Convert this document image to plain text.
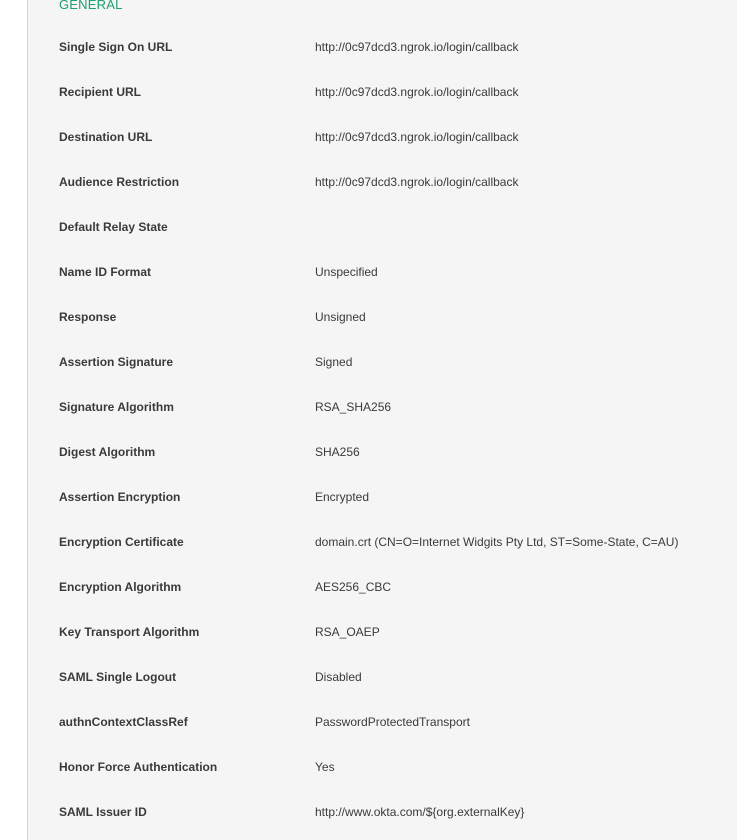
GENERAL
Single Sign On URL	http://0c97dcd3.ngrok.io/login/callback
Recipient URL	http://0c97dcd3.ngrok.io/login/callback
Destination URL	http://0c97dcd3.ngrok.io/login/callback
Audience Restriction	http://0c97dcd3.ngrok.io/login/callback
Default Relay State
Name ID Format	Unspecified
Response	Unsigned
Assertion Signature	Signed
Signature Algorithm	RSA_SHA256
Digest Algorithm	SHA256
Assertion Encryption	Encrypted
Encryption Certificate	domain.crt (CN=O=Internet Widgits Pty Ltd, ST=Some-State, C=AU)
Encryption Algorithm	AES256_CBC
Key Transport Algorithm	RSA_OAEP
SAML Single Logout	Disabled
authnContextClassRef	PasswordProtectedTransport
Honor Force Authentication	Yes
SAML Issuer ID	http://www.okta.com/${org.externalKey}
